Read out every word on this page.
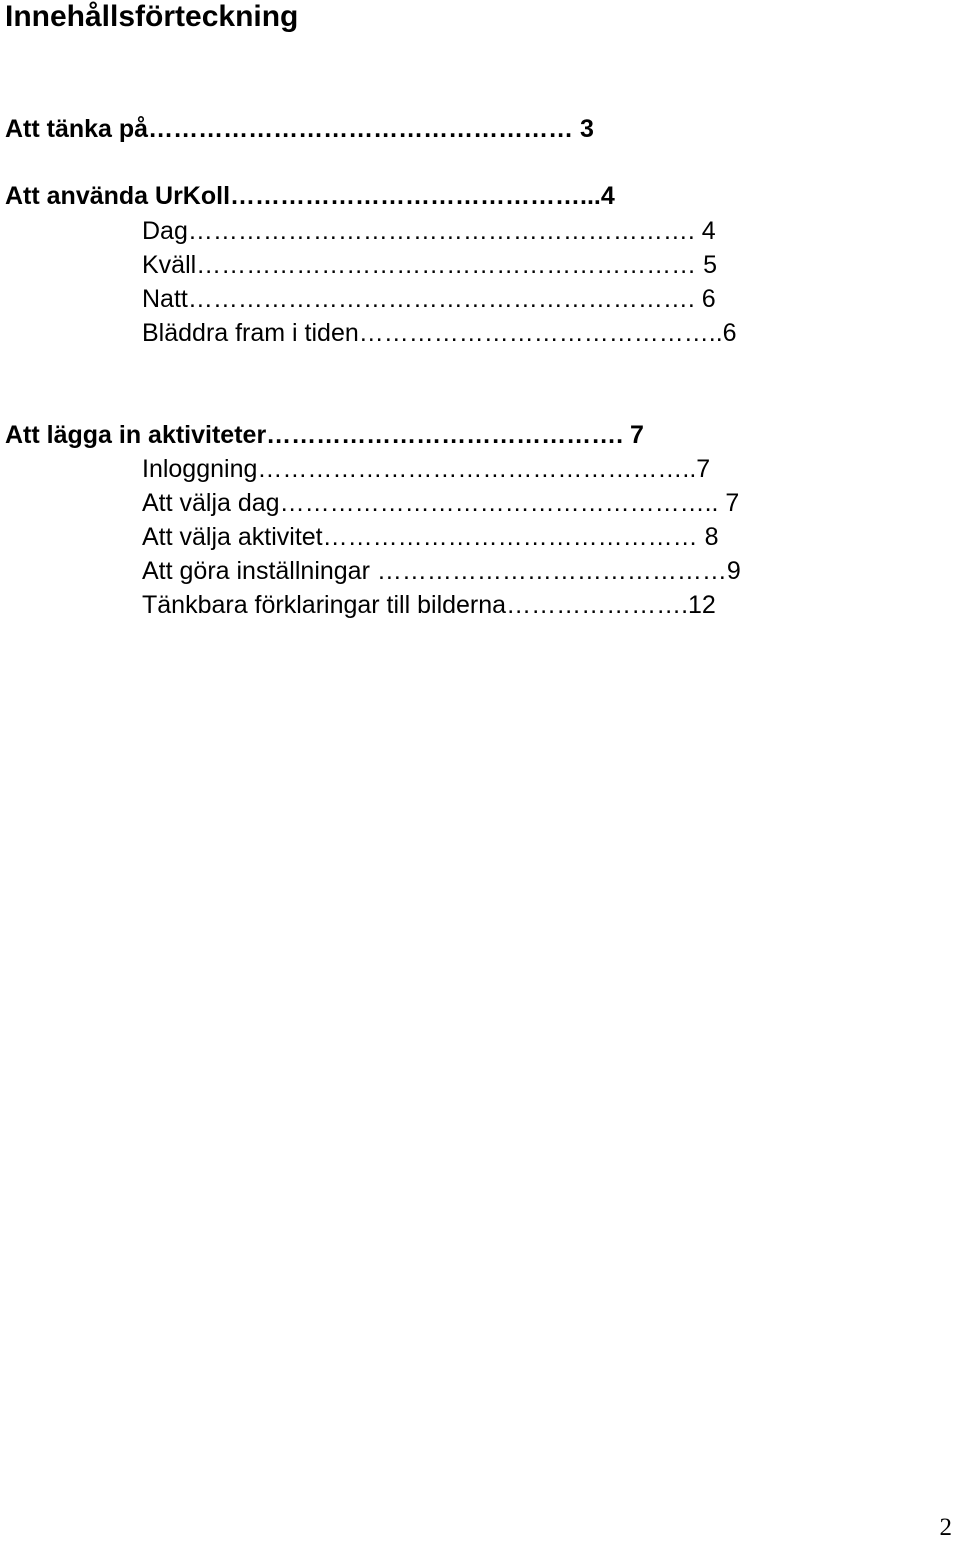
Innehållsförteckning
Att tänka på…………………………………………… 3
Att använda UrKoll……………………………………...4
Dag……………………………………………………. 4
Kväll…………………………………………………… 5
Natt……………………………………………………. 6
Bläddra fram i tiden……………………………………..6
Att lägga in aktiviteter……………………………………. 7
Inloggning……………………………………………..7
Att välja dag…………………………………………….. 7
Att välja aktivitet……………………………………… 8
Att göra inställningar ……………………………………9
Tänkbara förklaringar till bilderna………………….12
2
